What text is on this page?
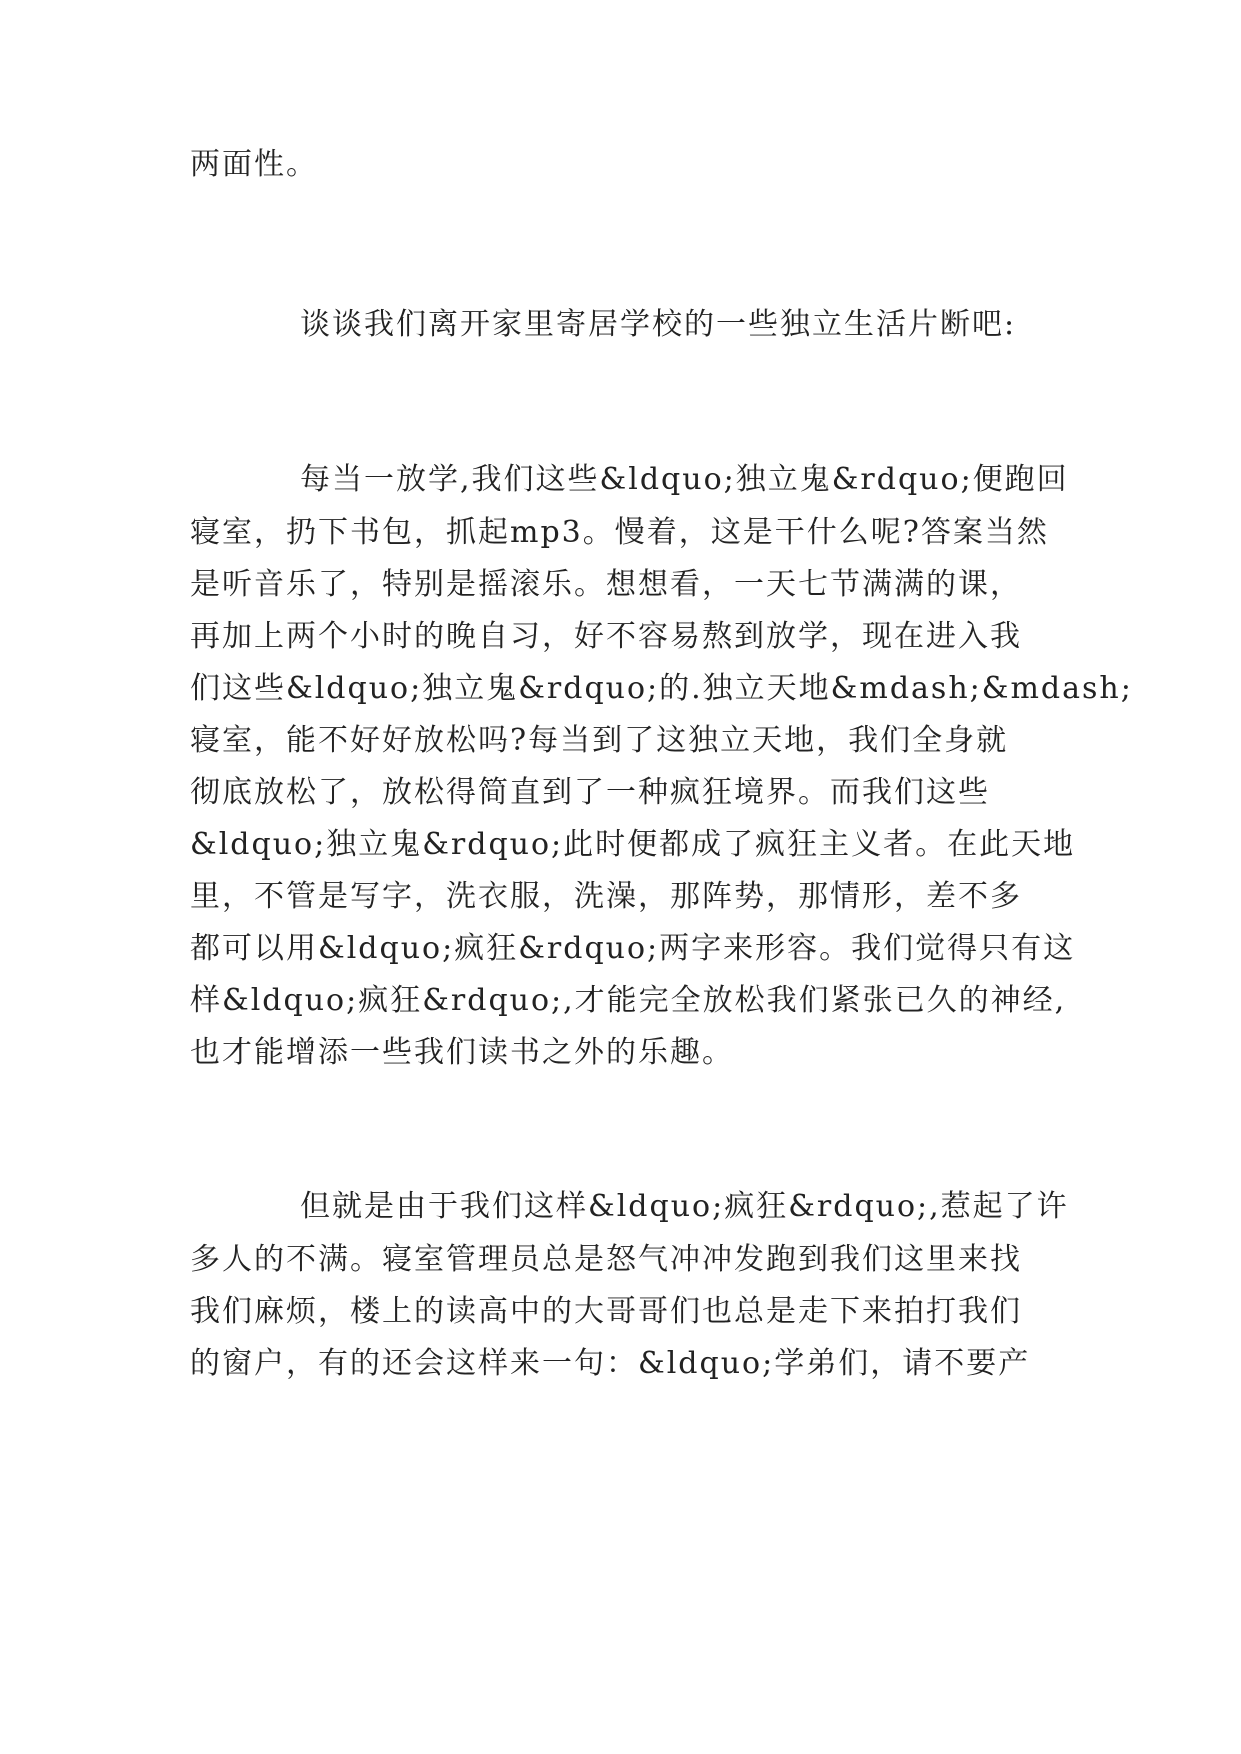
两面性。

谈谈我们离开家里寄居学校的一些独立生活片断吧:

每当一放学,我们这些&ldquo;独立鬼&rdquo;便跑回

寝室，扔下书包，抓起mp3。慢着，这是干什么呢?答案当然

是听音乐了，特别是摇滚乐。想想看，一天七节满满的课，

再加上两个小时的晚自习，好不容易熬到放学，现在进入我

们这些&ldquo;独立鬼&rdquo;的.独立天地&mdash;&mdash;

寝室，能不好好放松吗?每当到了这独立天地，我们全身就

彻底放松了，放松得简直到了一种疯狂境界。而我们这些

&ldquo;独立鬼&rdquo;此时便都成了疯狂主义者。在此天地

里，不管是写字，洗衣服，洗澡，那阵势，那情形，差不多

都可以用&ldquo;疯狂&rdquo;两字来形容。我们觉得只有这

样&ldquo;疯狂&rdquo;,才能完全放松我们紧张已久的神经,

也才能增添一些我们读书之外的乐趣。

但就是由于我们这样&ldquo;疯狂&rdquo;,惹起了许

多人的不满。寝室管理员总是怒气冲冲发跑到我们这里来找

我们麻烦，楼上的读高中的大哥哥们也总是走下来拍打我们

的窗户，有的还会这样来一句：&ldquo;学弟们，请不要产
